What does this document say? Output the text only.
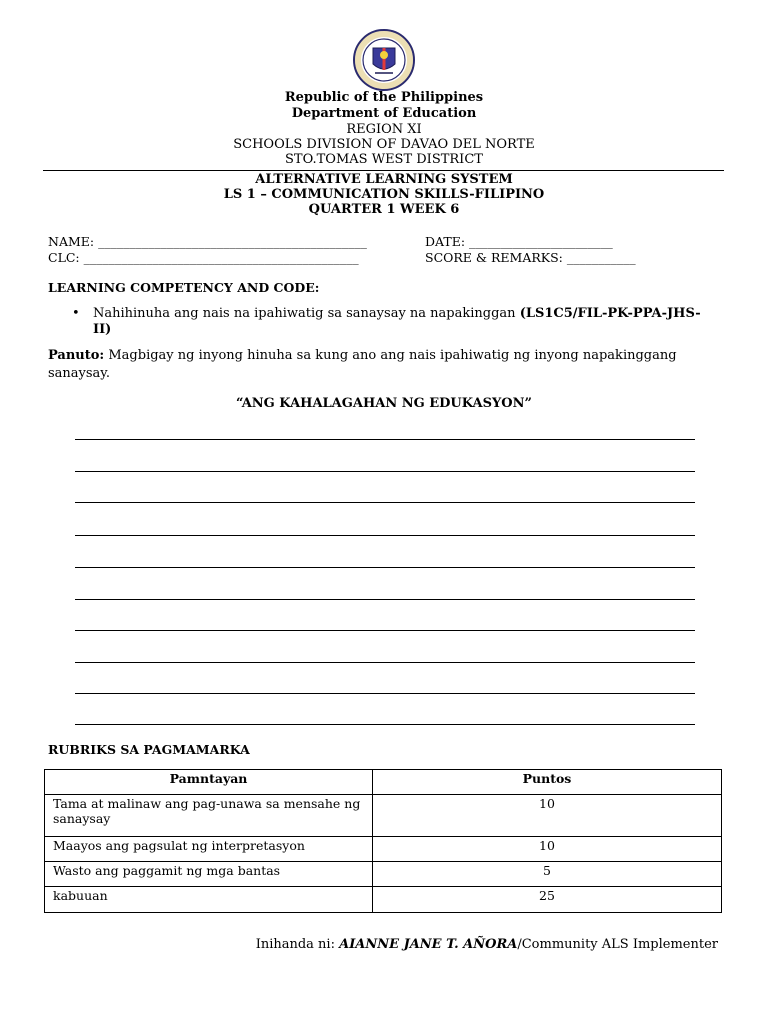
Republic of the Philippines
Department of Education
REGION XI
SCHOOLS DIVISION OF DAVAO DEL NORTE
STO.TOMAS WEST DISTRICT
ALTERNATIVE LEARNING SYSTEM
LS 1 – COMMUNICATION SKILLS-FILIPINO
QUARTER 1 WEEK 6
NAME: ___________________________________________	DATE: _______________________
CLC: ____________________________________________	SCORE & REMARKS: ___________
LEARNING COMPETENCY AND CODE:
• Nahihinuha ang nais na ipahiwatig sa sanaysay na napakinggan (LS1C5/FIL-PK-PPA-JHS-II)
Panuto: Magbigay ng inyong hinuha sa kung ano ang nais ipahiwatig ng inyong napakinggang sanaysay.
“ANG KAHALAGAHAN NG EDUKASYON”
RUBRIKS SA PAGMAMARKA
Pamntayan	Puntos
Tama at malinaw ang pag-unawa sa mensahe ng sanaysay	10
Maayos ang pagsulat ng interpretasyon	10
Wasto ang paggamit ng mga bantas	5
kabuuan	25
Inihanda ni: AIANNE JANE T. AÑORA/Community ALS Implementer
